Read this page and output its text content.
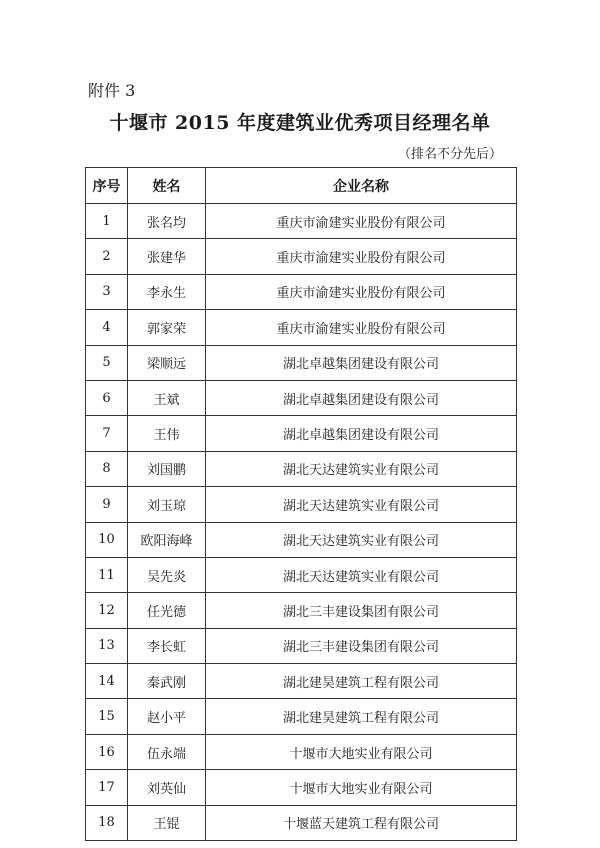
附件 3
十堰市 2015 年度建筑业优秀项目经理名单
（排名不分先后）
序号	姓名	企业名称
1	张名均	重庆市渝建实业股份有限公司
2	张建华	重庆市渝建实业股份有限公司
3	李永生	重庆市渝建实业股份有限公司
4	郭家荣	重庆市渝建实业股份有限公司
5	梁顺远	湖北卓越集团建设有限公司
6	王斌	湖北卓越集团建设有限公司
7	王伟	湖北卓越集团建设有限公司
8	刘国鹏	湖北天达建筑实业有限公司
9	刘玉琼	湖北天达建筑实业有限公司
10	欧阳海峰	湖北天达建筑实业有限公司
11	吴先炎	湖北天达建筑实业有限公司
12	任光德	湖北三丰建设集团有限公司
13	李长虹	湖北三丰建设集团有限公司
14	秦武刚	湖北建昊建筑工程有限公司
15	赵小平	湖北建昊建筑工程有限公司
16	伍永端	十堰市大地实业有限公司
17	刘英仙	十堰市大地实业有限公司
18	王锟	十堰蓝天建筑工程有限公司
